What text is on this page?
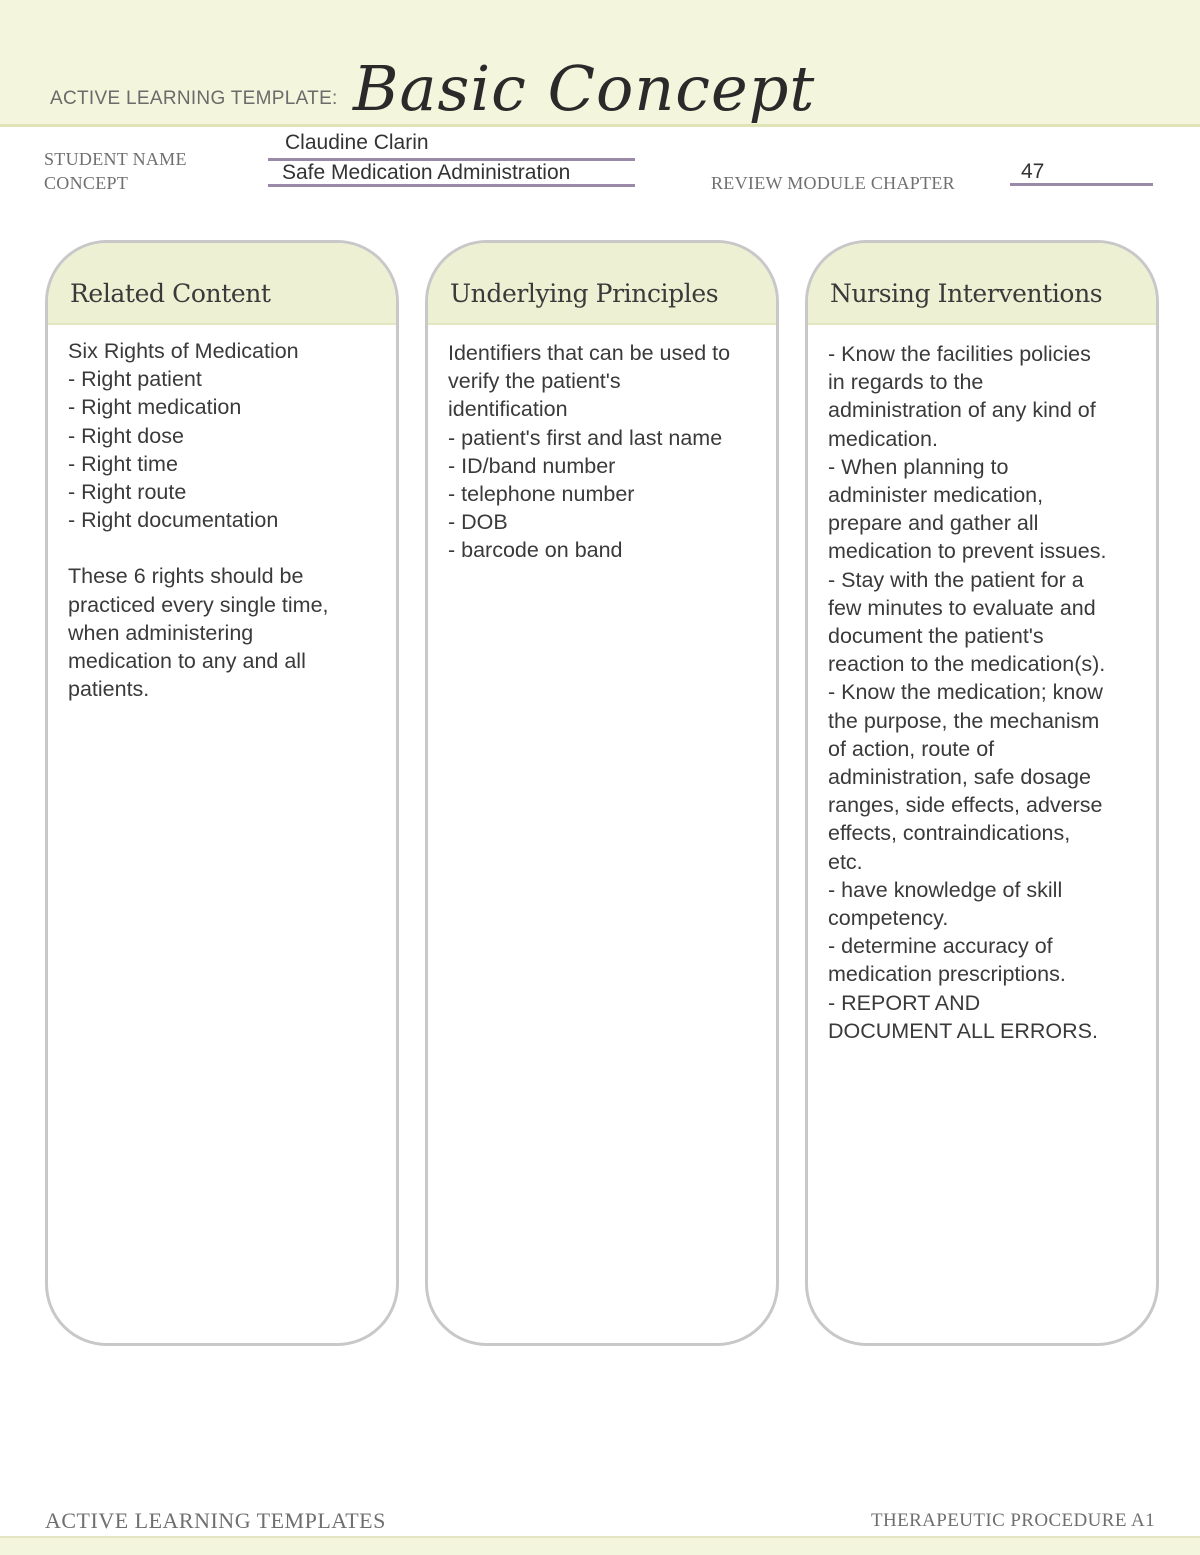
ACTIVE LEARNING TEMPLATE: Basic Concept
STUDENT NAME
Claudine Clarin
CONCEPT	Safe Medication Administration	REVIEW MODULE CHAPTER	47
Related Content
Six Rights of Medication
- Right patient
- Right medication
- Right dose
- Right time
- Right route
- Right documentation
These 6 rights should be
practiced every single time,
when administering
medication to any and all
patients.
Underlying Principles
Identifiers that can be used to
verify the patient's
identification
- patient's first and last name
- ID/band number
- telephone number
- DOB
- barcode on band
Nursing Interventions
- Know the facilities policies
in regards to the
administration of any kind of
medication.
- When planning to
administer medication,
prepare and gather all
medication to prevent issues.
- Stay with the patient for a
few minutes to evaluate and
document the patient's
reaction to the medication(s).
- Know the medication; know
the purpose, the mechanism
of action, route of
administration, safe dosage
ranges, side effects, adverse
effects, contraindications,
etc.
- have knowledge of skill
competency.
- determine accuracy of
medication prescriptions.
- REPORT AND
DOCUMENT ALL ERRORS.
ACTIVE LEARNING TEMPLATES	THERAPEUTIC PROCEDURE A1
